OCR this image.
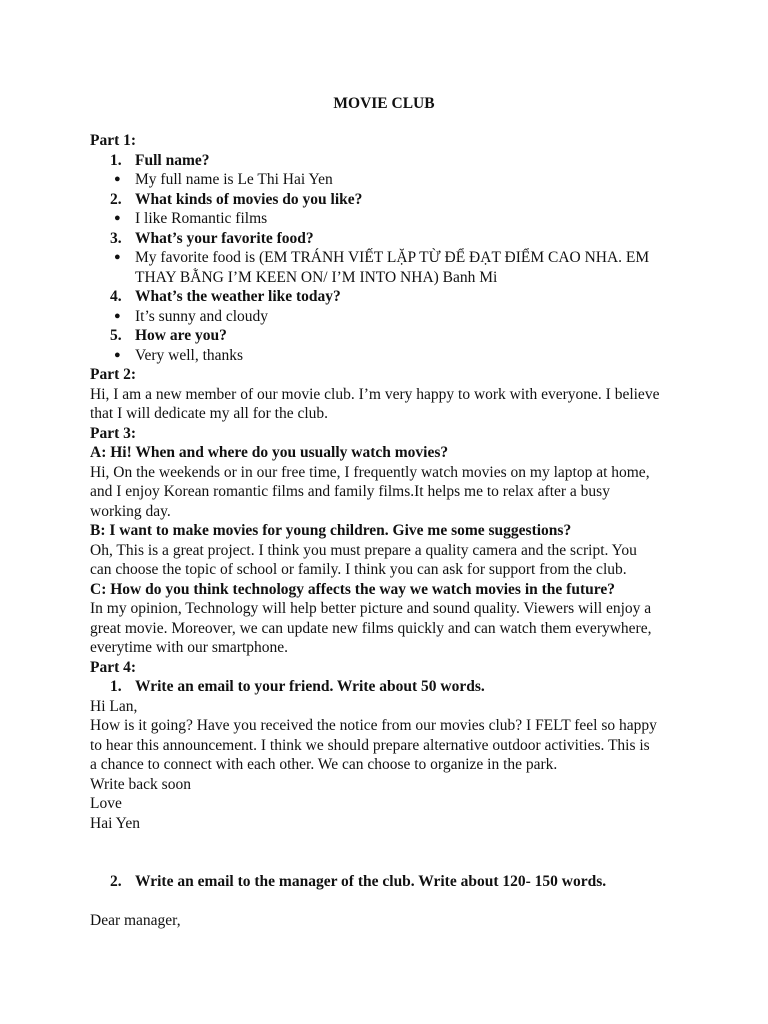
MOVIE CLUB

Part 1:

1. Full name?
● My full name is Le Thi Hai Yen
2. What kinds of movies do you like?
● I like Romantic films
3. What’s your favorite food?
● My favorite food is (EM TRÁNH VIẾT LẶP TỪ ĐỂ ĐẠT ĐIỂM CAO NHA. EM THAY BẰNG I’M KEEN ON/ I’M INTO NHA) Banh Mi
4. What’s the weather like today?
● It’s sunny and cloudy
5. How are you?
● Very well, thanks

Part 2:

Hi, I am a new member of our movie club. I’m very happy to work with everyone. I believe that I will dedicate my all for the club.

Part 3:

A: Hi! When and where do you usually watch movies?

Hi, On the weekends or in our free time, I frequently watch movies on my laptop at home, and I enjoy Korean romantic films and family films.It helps me to relax after a busy working day.

B: I want to make movies for young children. Give me some suggestions?

Oh, This is a great project. I think you must prepare a quality camera and the script. You can choose the topic of school or family. I think you can ask for support from the club.

C: How do you think technology affects the way we watch movies in the future?

In my opinion, Technology will help better picture and sound quality. Viewers will enjoy a great movie. Moreover, we can update new films quickly and can watch them everywhere, everytime with our smartphone.

Part 4:

1. Write an email to your friend. Write about 50 words.

Hi Lan,

How is it going? Have you received the notice from our movies club? I FELT feel so happy to hear this announcement. I think we should prepare alternative outdoor activities. This is a chance to connect with each other. We can choose to organize in the park.

Write back soon

Love

Hai Yen

2. Write an email to the manager of the club. Write about 120- 150 words.

Dear manager,
